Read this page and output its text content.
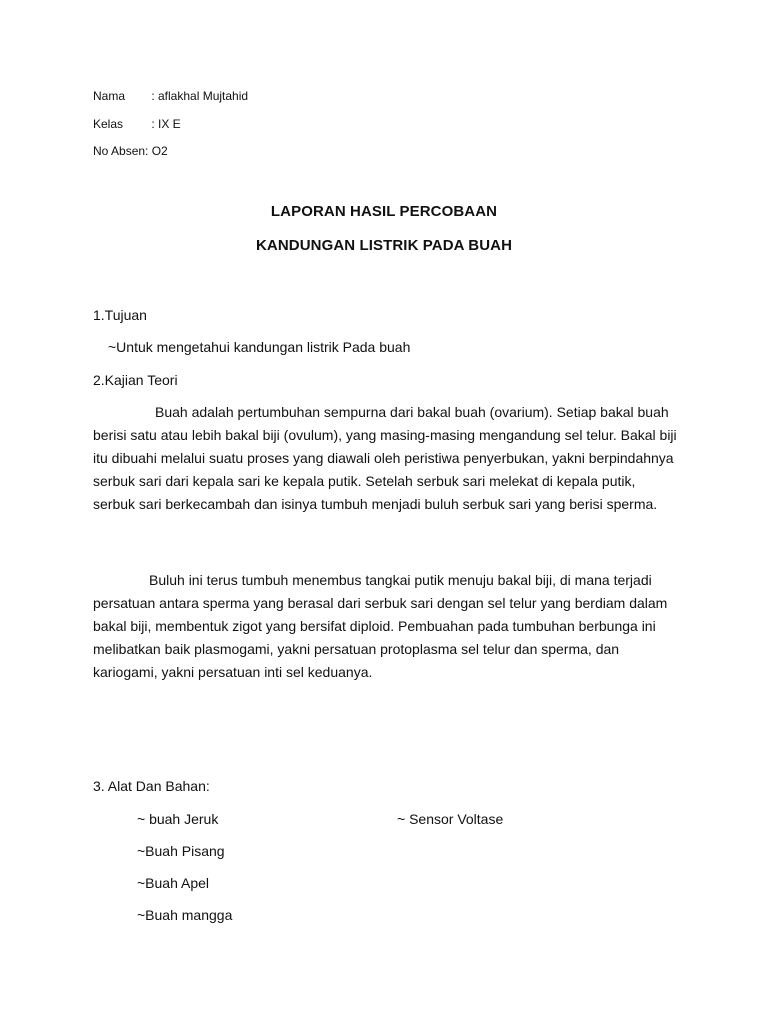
Nama : aflakhal Mujtahid
Kelas : IX E
No Absen: O2
LAPORAN HASIL PERCOBAAN
KANDUNGAN LISTRIK PADA BUAH
1.Tujuan
~Untuk mengetahui kandungan listrik Pada buah
2.Kajian Teori
Buah adalah pertumbuhan sempurna dari bakal buah (ovarium). Setiap bakal buah berisi satu atau lebih bakal biji (ovulum), yang masing-masing mengandung sel telur. Bakal biji itu dibuahi melalui suatu proses yang diawali oleh peristiwa penyerbukan, yakni berpindahnya serbuk sari dari kepala sari ke kepala putik. Setelah serbuk sari melekat di kepala putik, serbuk sari berkecambah dan isinya tumbuh menjadi buluh serbuk sari yang berisi sperma.
Buluh ini terus tumbuh menembus tangkai putik menuju bakal biji, di mana terjadi persatuan antara sperma yang berasal dari serbuk sari dengan sel telur yang berdiam dalam bakal biji, membentuk zigot yang bersifat diploid. Pembuahan pada tumbuhan berbunga ini melibatkan baik plasmogami, yakni persatuan protoplasma sel telur dan sperma, dan kariogami, yakni persatuan inti sel keduanya.
3. Alat Dan Bahan:
~ buah Jeruk	~ Sensor Voltase
~Buah Pisang
~Buah Apel
~Buah mangga
